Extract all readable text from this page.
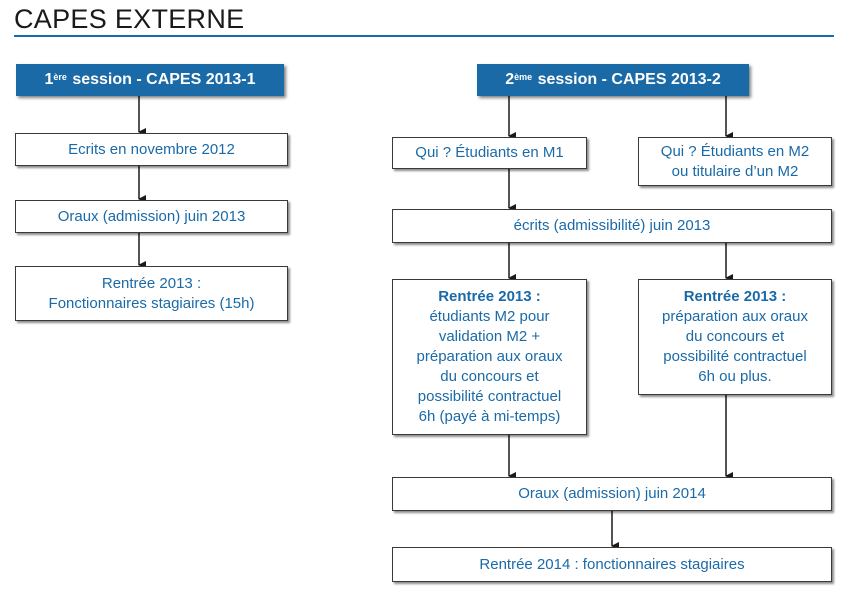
CAPES EXTERNE
1ère session - CAPES 2013-1
Ecrits en novembre 2012
Oraux (admission) juin 2013
Rentrée 2013 :
Fonctionnaires stagiaires (15h)
2ème session - CAPES 2013-2
Qui ? Étudiants en M1	Qui ? Étudiants en M2
ou titulaire d’un M2
écrits (admissibilité) juin 2013
Rentrée 2013 :
étudiants M2 pour
validation M2 +
préparation aux oraux
du concours et
possibilité contractuel
6h (payé à mi-temps)
Rentrée 2013 :
préparation aux oraux
du concours et
possibilité contractuel
6h ou plus.
Oraux (admission) juin 2014
Rentrée 2014 : fonctionnaires stagiaires
